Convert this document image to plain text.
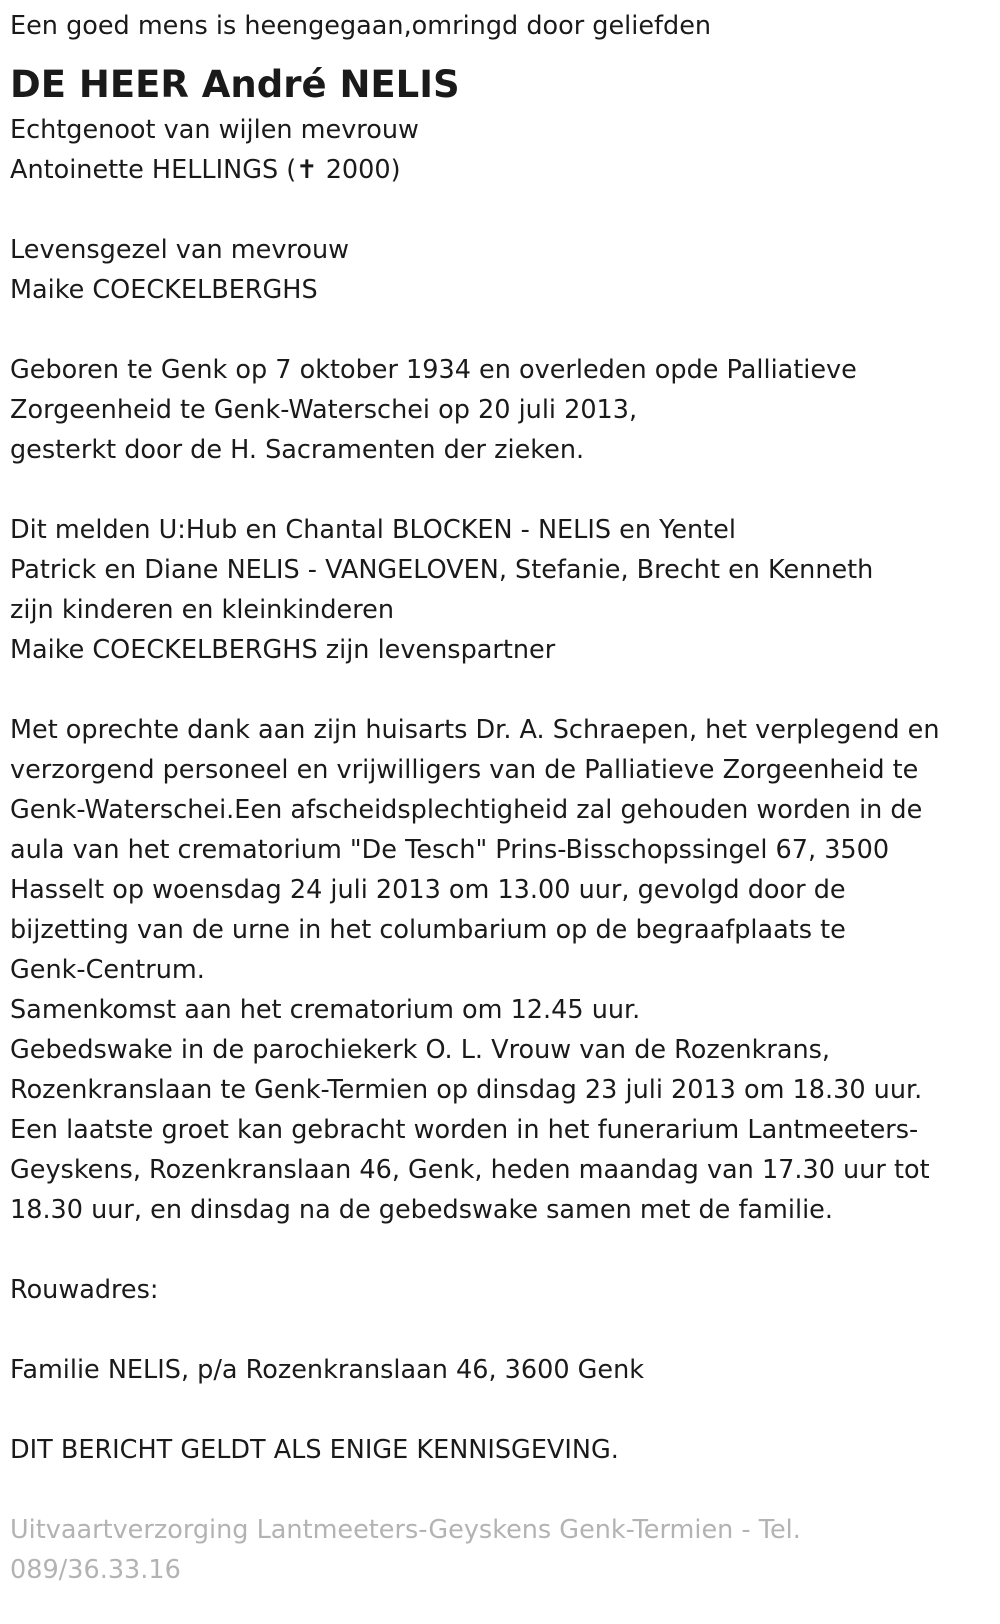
Een goed mens is heengegaan,omringd door geliefden
DE HEER André NELIS
Echtgenoot van wijlen mevrouw
Antoinette HELLINGS (✝ 2000)
Levensgezel van mevrouw
Maike COECKELBERGHS
Geboren te Genk op 7 oktober 1934 en overleden opde Palliatieve
Zorgeenheid te Genk-Waterschei op 20 juli 2013,
gesterkt door de H. Sacramenten der zieken.
Dit melden U:Hub en Chantal BLOCKEN - NELIS en Yentel
Patrick en Diane NELIS - VANGELOVEN, Stefanie, Brecht en Kenneth
zijn kinderen en kleinkinderen
Maike COECKELBERGHS zijn levenspartner
Met oprechte dank aan zijn huisarts Dr. A. Schraepen, het verplegend en
verzorgend personeel en vrijwilligers van de Palliatieve Zorgeenheid te
Genk-Waterschei.Een afscheidsplechtigheid zal gehouden worden in de
aula van het crematorium "De Tesch" Prins-Bisschopssingel 67, 3500
Hasselt op woensdag 24 juli 2013 om 13.00 uur, gevolgd door de
bijzetting van de urne in het columbarium op de begraafplaats te
Genk-Centrum.
Samenkomst aan het crematorium om 12.45 uur.
Gebedswake in de parochiekerk O. L. Vrouw van de Rozenkrans,
Rozenkranslaan te Genk-Termien op dinsdag 23 juli 2013 om 18.30 uur.
Een laatste groet kan gebracht worden in het funerarium Lantmeeters-
Geyskens, Rozenkranslaan 46, Genk, heden maandag van 17.30 uur tot
18.30 uur, en dinsdag na de gebedswake samen met de familie.
Rouwadres:
Familie NELIS, p/a Rozenkranslaan 46, 3600 Genk
DIT BERICHT GELDT ALS ENIGE KENNISGEVING.
Uitvaartverzorging Lantmeeters-Geyskens Genk-Termien - Tel.
089/36.33.16
